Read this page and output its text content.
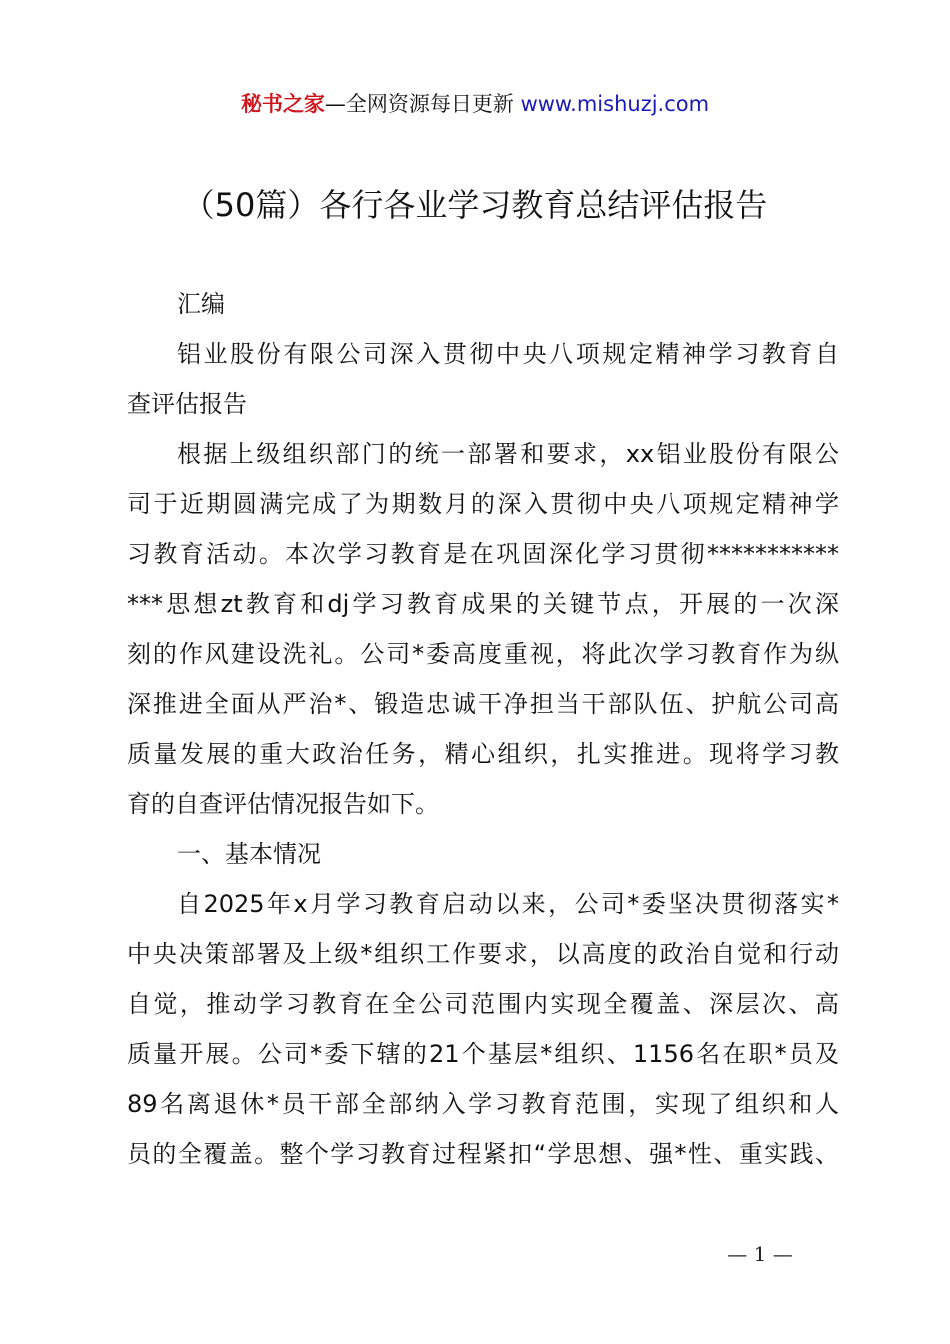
秘书之家—全网资源每日更新 www.mishuzj.com
（50篇）各行各业学习教育总结评估报告
汇编
铝业股份有限公司深入贯彻中央八项规定精神学习教育自
查评估报告
根据上级组织部门的统一部署和要求，xx铝业股份有限公
司于近期圆满完成了为期数月的深入贯彻中央八项规定精神学
习教育活动。本次学习教育是在巩固深化学习贯彻***********
***思想zt教育和dj学习教育成果的关键节点，开展的一次深
刻的作风建设洗礼。公司*委高度重视，将此次学习教育作为纵
深推进全面从严治*、锻造忠诚干净担当干部队伍、护航公司高
质量发展的重大政治任务，精心组织，扎实推进。现将学习教
育的自查评估情况报告如下。
一、基本情况
自2025年x月学习教育启动以来，公司*委坚决贯彻落实*
中央决策部署及上级*组织工作要求，以高度的政治自觉和行动
自觉，推动学习教育在全公司范围内实现全覆盖、深层次、高
质量开展。公司*委下辖的21个基层*组织、1156名在职*员及
89名离退休*员干部全部纳入学习教育范围，实现了组织和人
员的全覆盖。整个学习教育过程紧扣“学思想、强*性、重实践、
— 1 —
